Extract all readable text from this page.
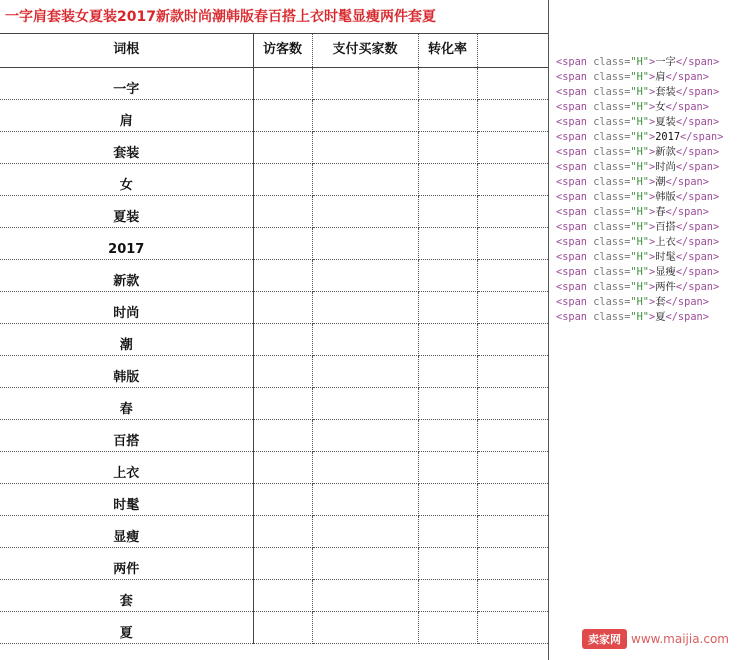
一字肩套装女夏装2017新款时尚潮韩版春百搭上衣时髦显瘦两件套夏
词根	访客数	支付买家数	转化率	
一字				
肩				
套装				
女				
夏装				
2017				
新款				
时尚				
潮				
韩版				
春				
百搭				
上衣				
时髦				
显瘦				
两件				
套				
夏				
<span class="H">一字</span>
<span class="H">肩</span>
<span class="H">套装</span>
<span class="H">女</span>
<span class="H">夏装</span>
<span class="H">2017</span>
<span class="H">新款</span>
<span class="H">时尚</span>
<span class="H">潮</span>
<span class="H">韩版</span>
<span class="H">春</span>
<span class="H">百搭</span>
<span class="H">上衣</span>
<span class="H">时髦</span>
<span class="H">显瘦</span>
<span class="H">两件</span>
<span class="H">套</span>
<span class="H">夏</span>
卖家网 www.maijia.com
